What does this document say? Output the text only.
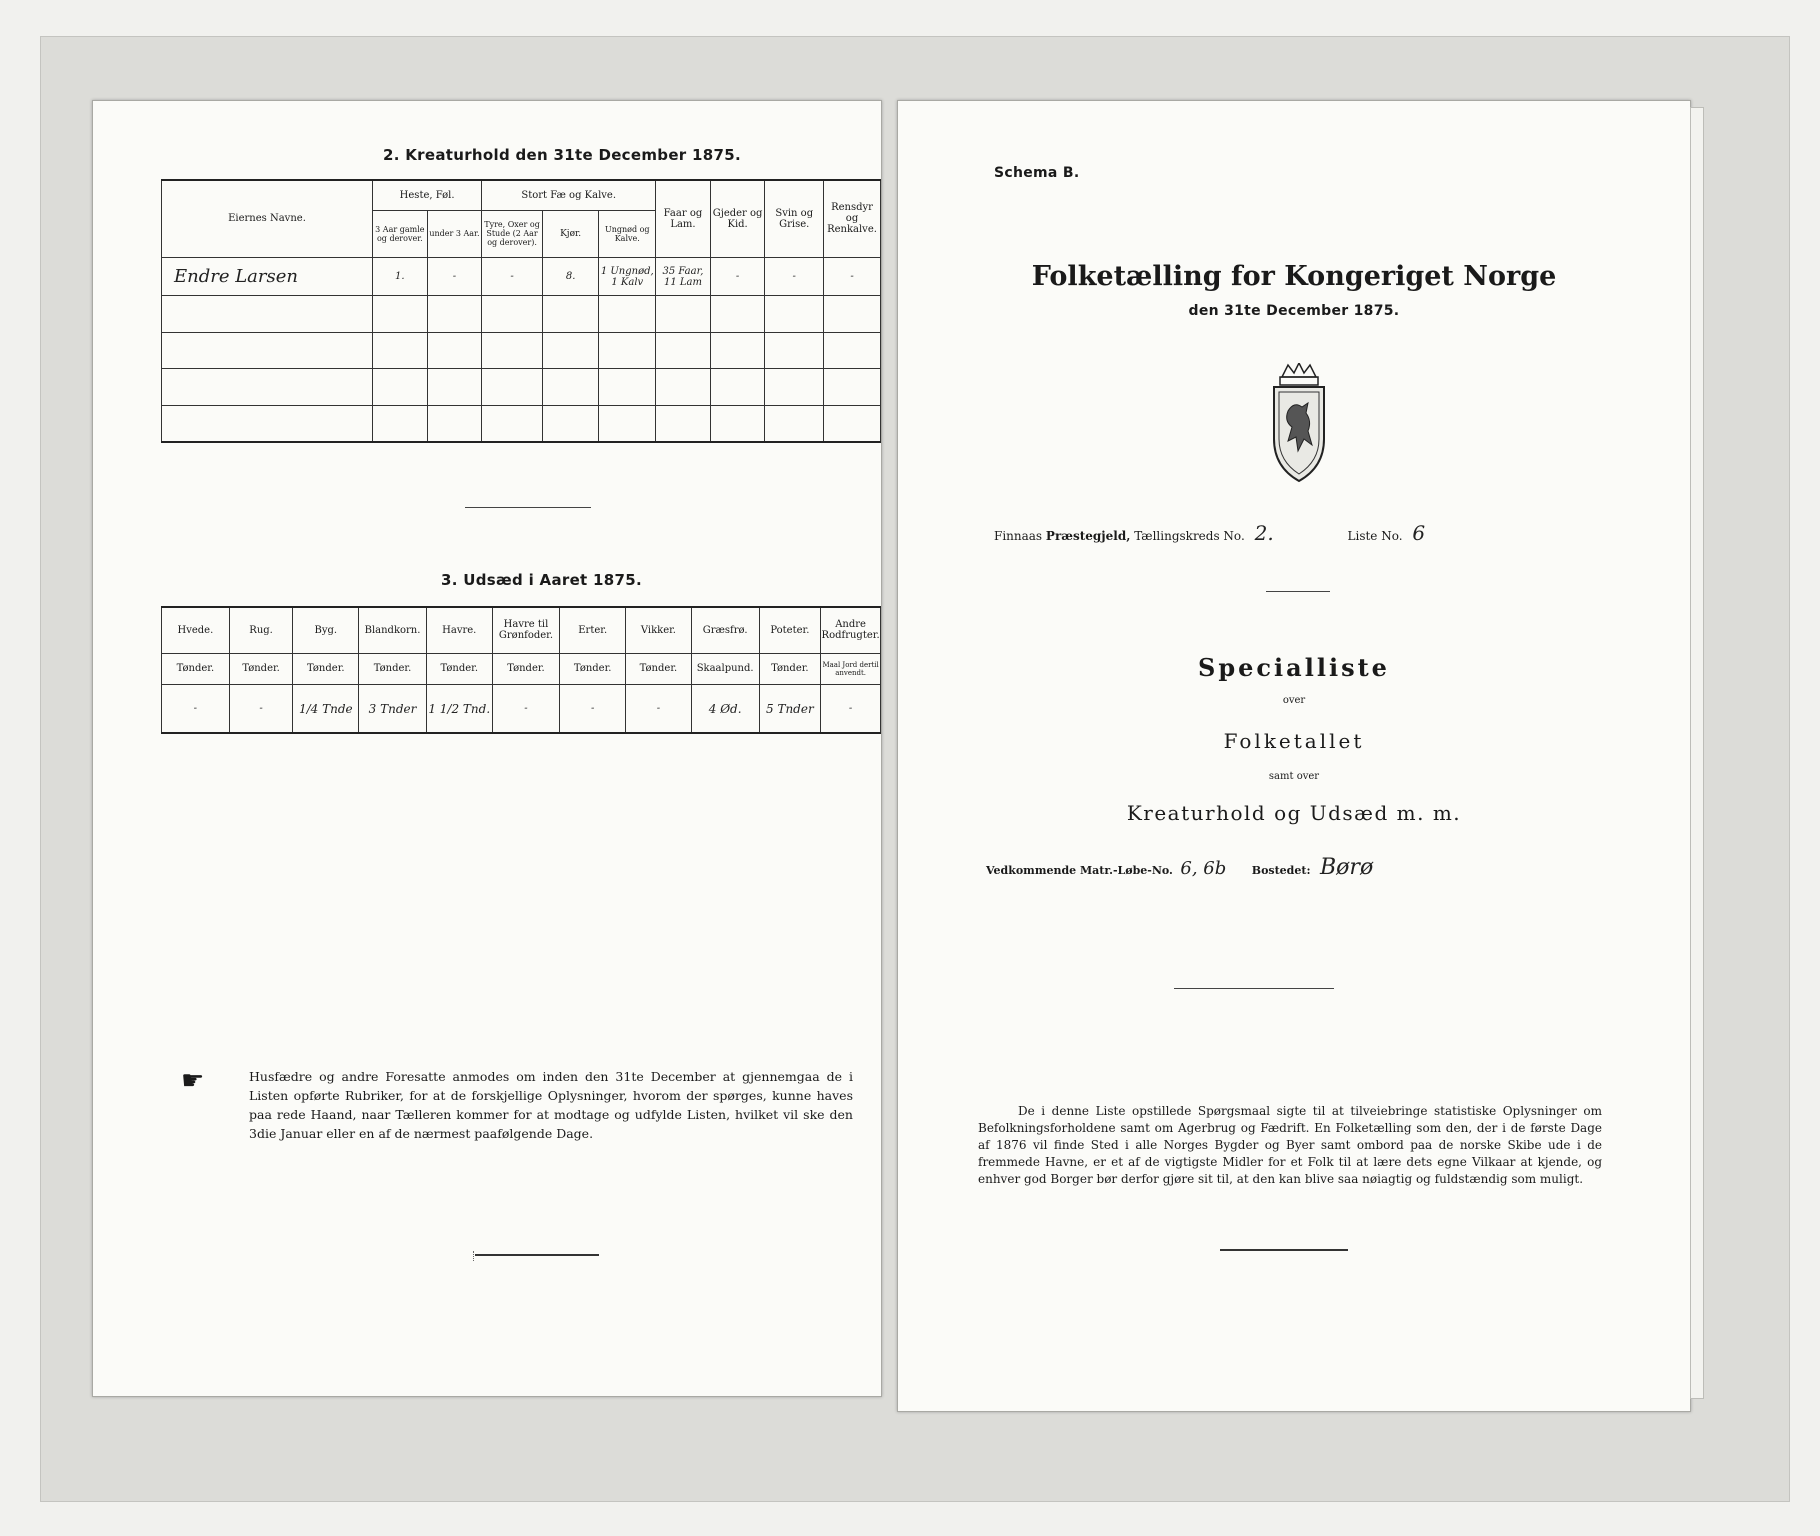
2. Kreaturhold den 31te December 1875.
Eiernes Navne.	Heste, Føl.		Stort Fæ og Kalve.			Faar og Lam.	Gjeder og Kid.	Svin og Grise.	Rensdyr og Renkalve.
	3 Aar gamle og derover.	under 3 Aar.	Tyre, Oxer og Stude (2 Aar og derover).	Kjør.	Ungnød og Kalve.				
Endre Larsen	1.	-	-	8.	1 Ungnød, 1 Kalv	35 Faar, 11 Lam	-	-	-

3. Udsæd i Aaret 1875.
Hvede.	Rug.	Byg.	Blandkorn.	Havre.	Havre til Grønfoder.	Erter.	Vikker.	Græsfrø.	Poteter.	Andre Rodfrugter.
Tønder.	Tønder.	Tønder.	Tønder.	Tønder.	Tønder.	Tønder.	Tønder.	Skaalpund.	Tønder.	Maal Jord dertil anvendt.
-	-	1/4 Tnde	3 Tnder	1 1/2 Tnd.	-	-	-	4 Ød.	5 Tnder	-
☛	Husfædre og andre Foresatte anmodes om inden den 31te December at gjennemgaa de i Listen opførte Rubriker, for at de forskjellige Oplysninger, hvorom der spørges, kunne haves paa rede Haand, naar Tælleren kommer for at modtage og udfylde Listen, hvilket vil ske den 3die Januar eller en af de nærmest paafølgende Dage.
Schema B.
Folketælling for Kongeriget Norge
den 31te December 1875.
Finnaas Præstegjeld, Tællingskreds No. 2.	Liste No. 6
Specialliste
over
Folketallet
samt over
Kreaturhold og Udsæd m. m.
Vedkommende Matr.-Løbe-No. 6, 6b Bostedet: Børø
De i denne Liste opstillede Spørgsmaal sigte til at tilveiebringe statistiske Oplysninger om Befolkningsforholdene samt om Agerbrug og Fædrift. En Folketælling som den, der i de første Dage af 1876 vil finde Sted i alle Norges Bygder og Byer samt ombord paa de norske Skibe ude i de fremmede Havne, er et af de vigtigste Midler for et Folk til at lære dets egne Vilkaar at kjende, og enhver god Borger bør derfor gjøre sit til, at den kan blive saa nøiagtig og fuldstændig som muligt.
